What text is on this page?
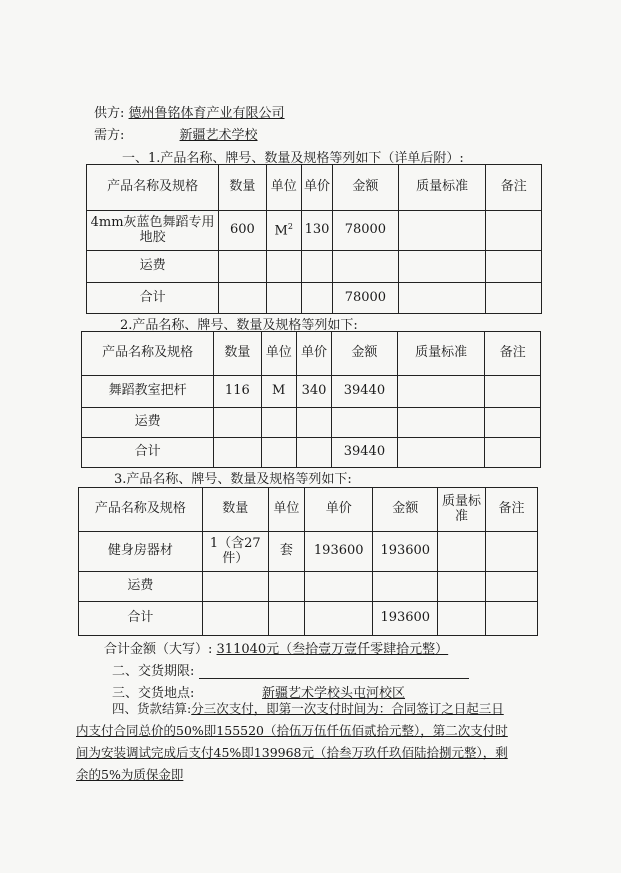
供方: 德州鲁铭体育产业有限公司
需方:	新疆艺术学校
一、1.产品名称、牌号、数量及规格等列如下（详单后附）:
产品名称及规格	数量	单位	单价	金额	质量标准	备注
4mm灰蓝色舞蹈专用地胶	600	$M^2$	130	78000		
运费						
合计				78000		
2.产品名称、牌号、数量及规格等列如下:
产品名称及规格	数量	单位	单价	金额	质量标准	备注
舞蹈教室把杆	116	M	340	39440		
运费						
合计				39440		
3.产品名称、牌号、数量及规格等列如下:
产品名称及规格	数量	单位	单价	金额	质量标准	备注
健身房器材	1（含27件）	套	193600	193600		
运费						
合计				193600		
合计金额（大写）: 311040元（叁拾壹万壹仟零肆拾元整）
二、交货期限:
三、交货地点:	新疆艺术学校头屯河校区
四、货款结算:分三次支付，即第一次支付时间为：合同签订之日起三日内支付合同总价的50%即155520（拾伍万伍仟伍佰贰拾元整），第二次支付时间为安装调试完成后支付45%即139968元（拾叁万玖仟玖佰陆拾捌元整），剩余的5%为质保金即
